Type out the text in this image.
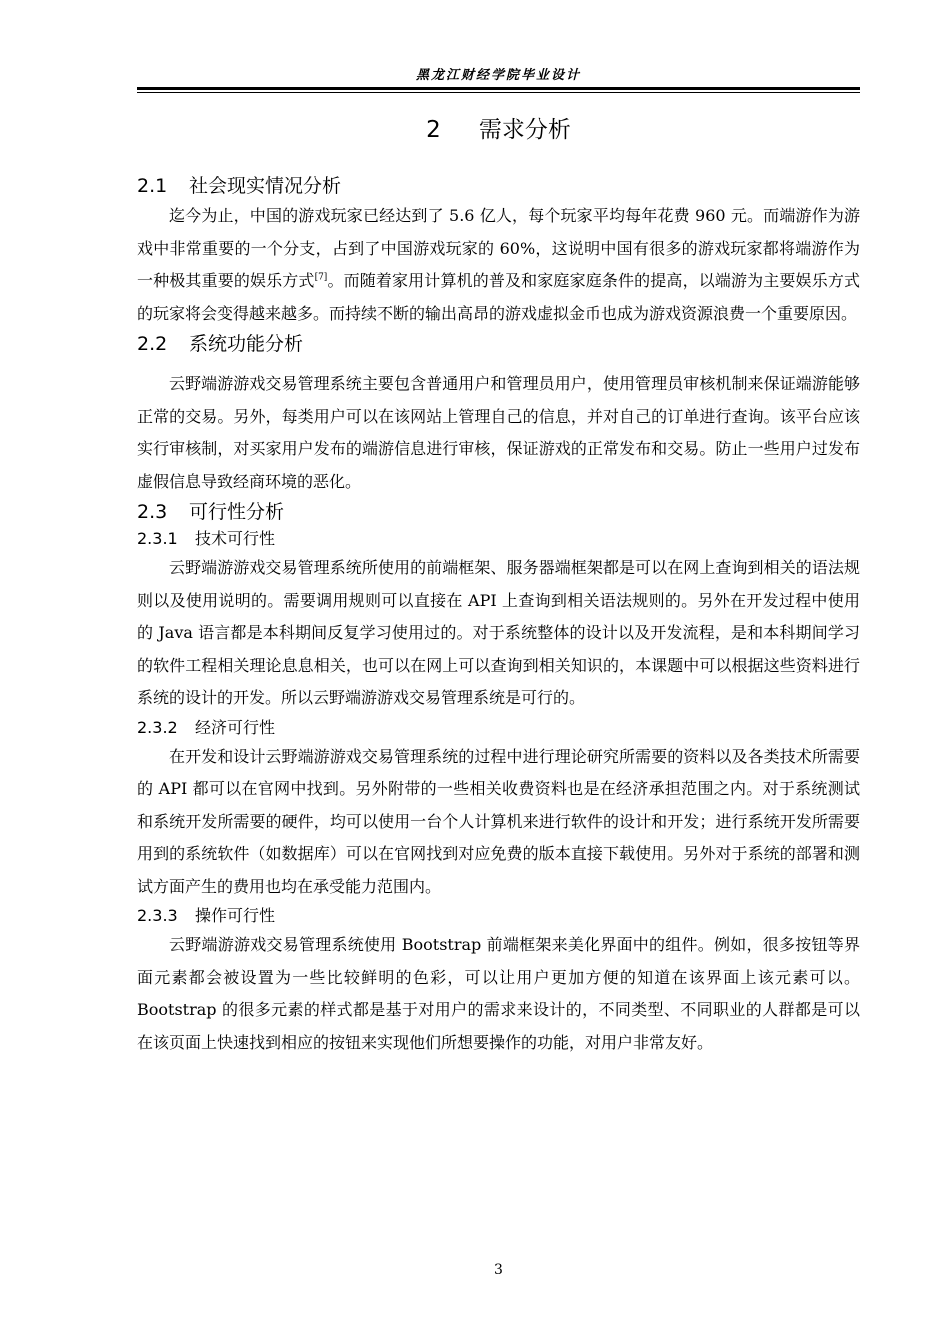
黑龙江财经学院毕业设计
2 需求分析
2.1 社会现实情况分析

迄今为止，中国的游戏玩家已经达到了 5.6 亿人，每个玩家平均每年花费 960 元。而端游作为游戏中非常重要的一个分支，占到了中国游戏玩家的 60%，这说明中国有很多的游戏玩家都将端游作为一种极其重要的娱乐方式[7]。而随着家用计算机的普及和家庭家庭条件的提高，以端游为主要娱乐方式的玩家将会变得越来越多。而持续不断的输出高昂的游戏虚拟金币也成为游戏资源浪费一个重要原因。

2.2 系统功能分析

云野端游游戏交易管理系统主要包含普通用户和管理员用户，使用管理员审核机制来保证端游能够正常的交易。另外，每类用户可以在该网站上管理自己的信息，并对自己的订单进行查询。该平台应该实行审核制，对买家用户发布的端游信息进行审核，保证游戏的正常发布和交易。防止一些用户过发布虚假信息导致经商环境的恶化。

2.3 可行性分析
2.3.1 技术可行性

云野端游游戏交易管理系统所使用的前端框架、服务器端框架都是可以在网上查询到相关的语法规则以及使用说明的。需要调用规则可以直接在 API 上查询到相关语法规则的。另外在开发过程中使用的 Java 语言都是本科期间反复学习使用过的。对于系统整体的设计以及开发流程，是和本科期间学习的软件工程相关理论息息相关，也可以在网上可以查询到相关知识的，本课题中可以根据这些资料进行系统的设计的开发。所以云野端游游戏交易管理系统是可行的。

2.3.2 经济可行性

在开发和设计云野端游游戏交易管理系统的过程中进行理论研究所需要的资料以及各类技术所需要的 API 都可以在官网中找到。另外附带的一些相关收费资料也是在经济承担范围之内。对于系统测试和系统开发所需要的硬件，均可以使用一台个人计算机来进行软件的设计和开发；进行系统开发所需要用到的系统软件（如数据库）可以在官网找到对应免费的版本直接下载使用。另外对于系统的部署和测试方面产生的费用也均在承受能力范围内。

2.3.3 操作可行性

云野端游游戏交易管理系统使用 Bootstrap 前端框架来美化界面中的组件。例如，很多按钮等界面元素都会被设置为一些比较鲜明的色彩，可以让用户更加方便的知道在该界面上该元素可以。Bootstrap 的很多元素的样式都是基于对用户的需求来设计的，不同类型、不同职业的人群都是可以在该页面上快速找到相应的按钮来实现他们所想要操作的功能，对用户非常友好。

3
